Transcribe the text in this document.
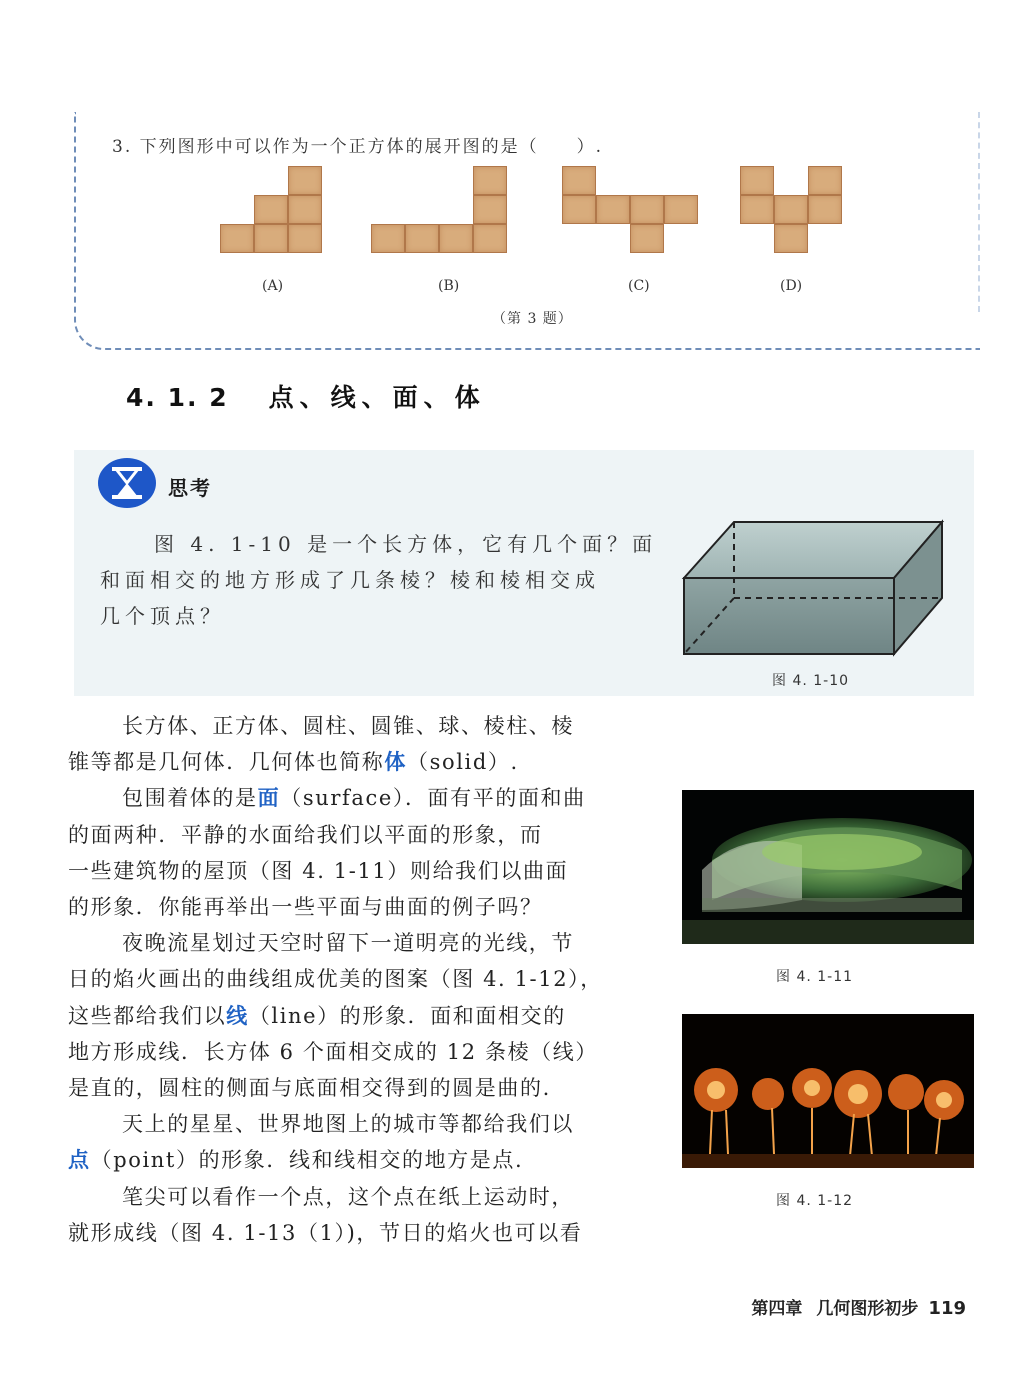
3. 下列图形中可以作为一个正方体的展开图的是（　　）.
(A)	(B)	(C)	(D)
（第 3 题）
4. 1. 2 点、线、面、体
思考
图 4. 1-10 是一个长方体，它有几个面？面
和面相交的地方形成了几条棱？棱和棱相交成
几个顶点？
图 4. 1-10
长方体、正方体、圆柱、圆锥、球、棱柱、棱
锥等都是几何体．几何体也简称体（solid）.
包围着体的是面（surface）．面有平的面和曲
的面两种．平静的水面给我们以平面的形象，而
一些建筑物的屋顶（图 4. 1-11）则给我们以曲面
的形象．你能再举出一些平面与曲面的例子吗？
夜晚流星划过天空时留下一道明亮的光线，节
日的焰火画出的曲线组成优美的图案（图 4. 1-12），
这些都给我们以线（line）的形象．面和面相交的
地方形成线．长方体 6 个面相交成的 12 条棱（线）
是直的，圆柱的侧面与底面相交得到的圆是曲的.
天上的星星、世界地图上的城市等都给我们以
点（point）的形象．线和线相交的地方是点.
笔尖可以看作一个点，这个点在纸上运动时，
就形成线（图 4. 1-13（1）)，节日的焰火也可以看
图 4. 1-11
图 4. 1-12
第四章 几何图形初步 119
